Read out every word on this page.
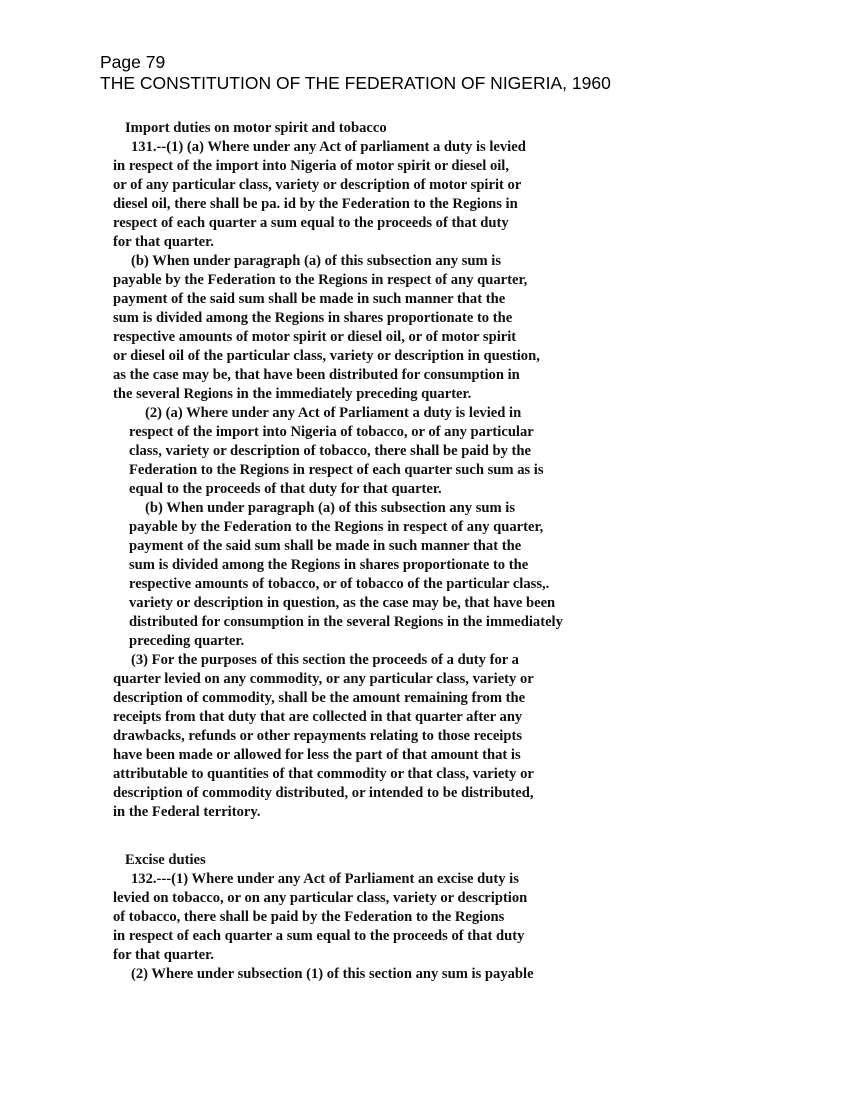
Page 79
THE CONSTITUTION OF THE FEDERATION OF NIGERIA, 1960
Import duties on motor spirit and tobacco
131.--(1) (a) Where under any Act of parliament a duty is levied
in respect of the import into Nigeria of motor spirit or diesel oil,
or of any particular class, variety or description of motor spirit or
diesel oil, there shall be pa. id by the Federation to the Regions in
respect of each quarter a sum equal to the proceeds of that duty
for that quarter.
(b) When under paragraph (a) of this subsection any sum is
payable by the Federation to the Regions in respect of any quarter,
payment of the said sum shall be made in such manner that the
sum is divided among the Regions in shares proportionate to the
respective amounts of motor spirit or diesel oil, or of motor spirit
or diesel oil of the particular class, variety or description in question,
as the case may be, that have been distributed for consumption in
the several Regions in the immediately preceding quarter.
(2) (a) Where under any Act of Parliament a duty is levied in
respect of the import into Nigeria of tobacco, or of any particular
class, variety or description of tobacco, there shall be paid by the
Federation to the Regions in respect of each quarter such sum as is
equal to the proceeds of that duty for that quarter.
(b) When under paragraph (a) of this subsection any sum is
payable by the Federation to the Regions in respect of any quarter,
payment of the said sum shall be made in such manner that the
sum is divided among the Regions in shares proportionate to the
respective amounts of tobacco, or of tobacco of the particular class,.
variety or description in question, as the case may be, that have been
distributed for consumption in the several Regions in the immediately
preceding quarter.
(3) For the purposes of this section the proceeds of a duty for a
quarter levied on any commodity, or any particular class, variety or
description of commodity, shall be the amount remaining from the
receipts from that duty that are collected in that quarter after any
drawbacks, refunds or other repayments relating to those receipts
have been made or allowed for less the part of that amount that is
attributable to quantities of that commodity or that class, variety or
description of commodity distributed, or intended to be distributed,
in the Federal territory.
Excise duties
132.---(1) Where under any Act of Parliament an excise duty is
levied on tobacco, or on any particular class, variety or description
of tobacco, there shall be paid by the Federation to the Regions
in respect of each quarter a sum equal to the proceeds of that duty
for that quarter.
(2) Where under subsection (1) of this section any sum is payable
